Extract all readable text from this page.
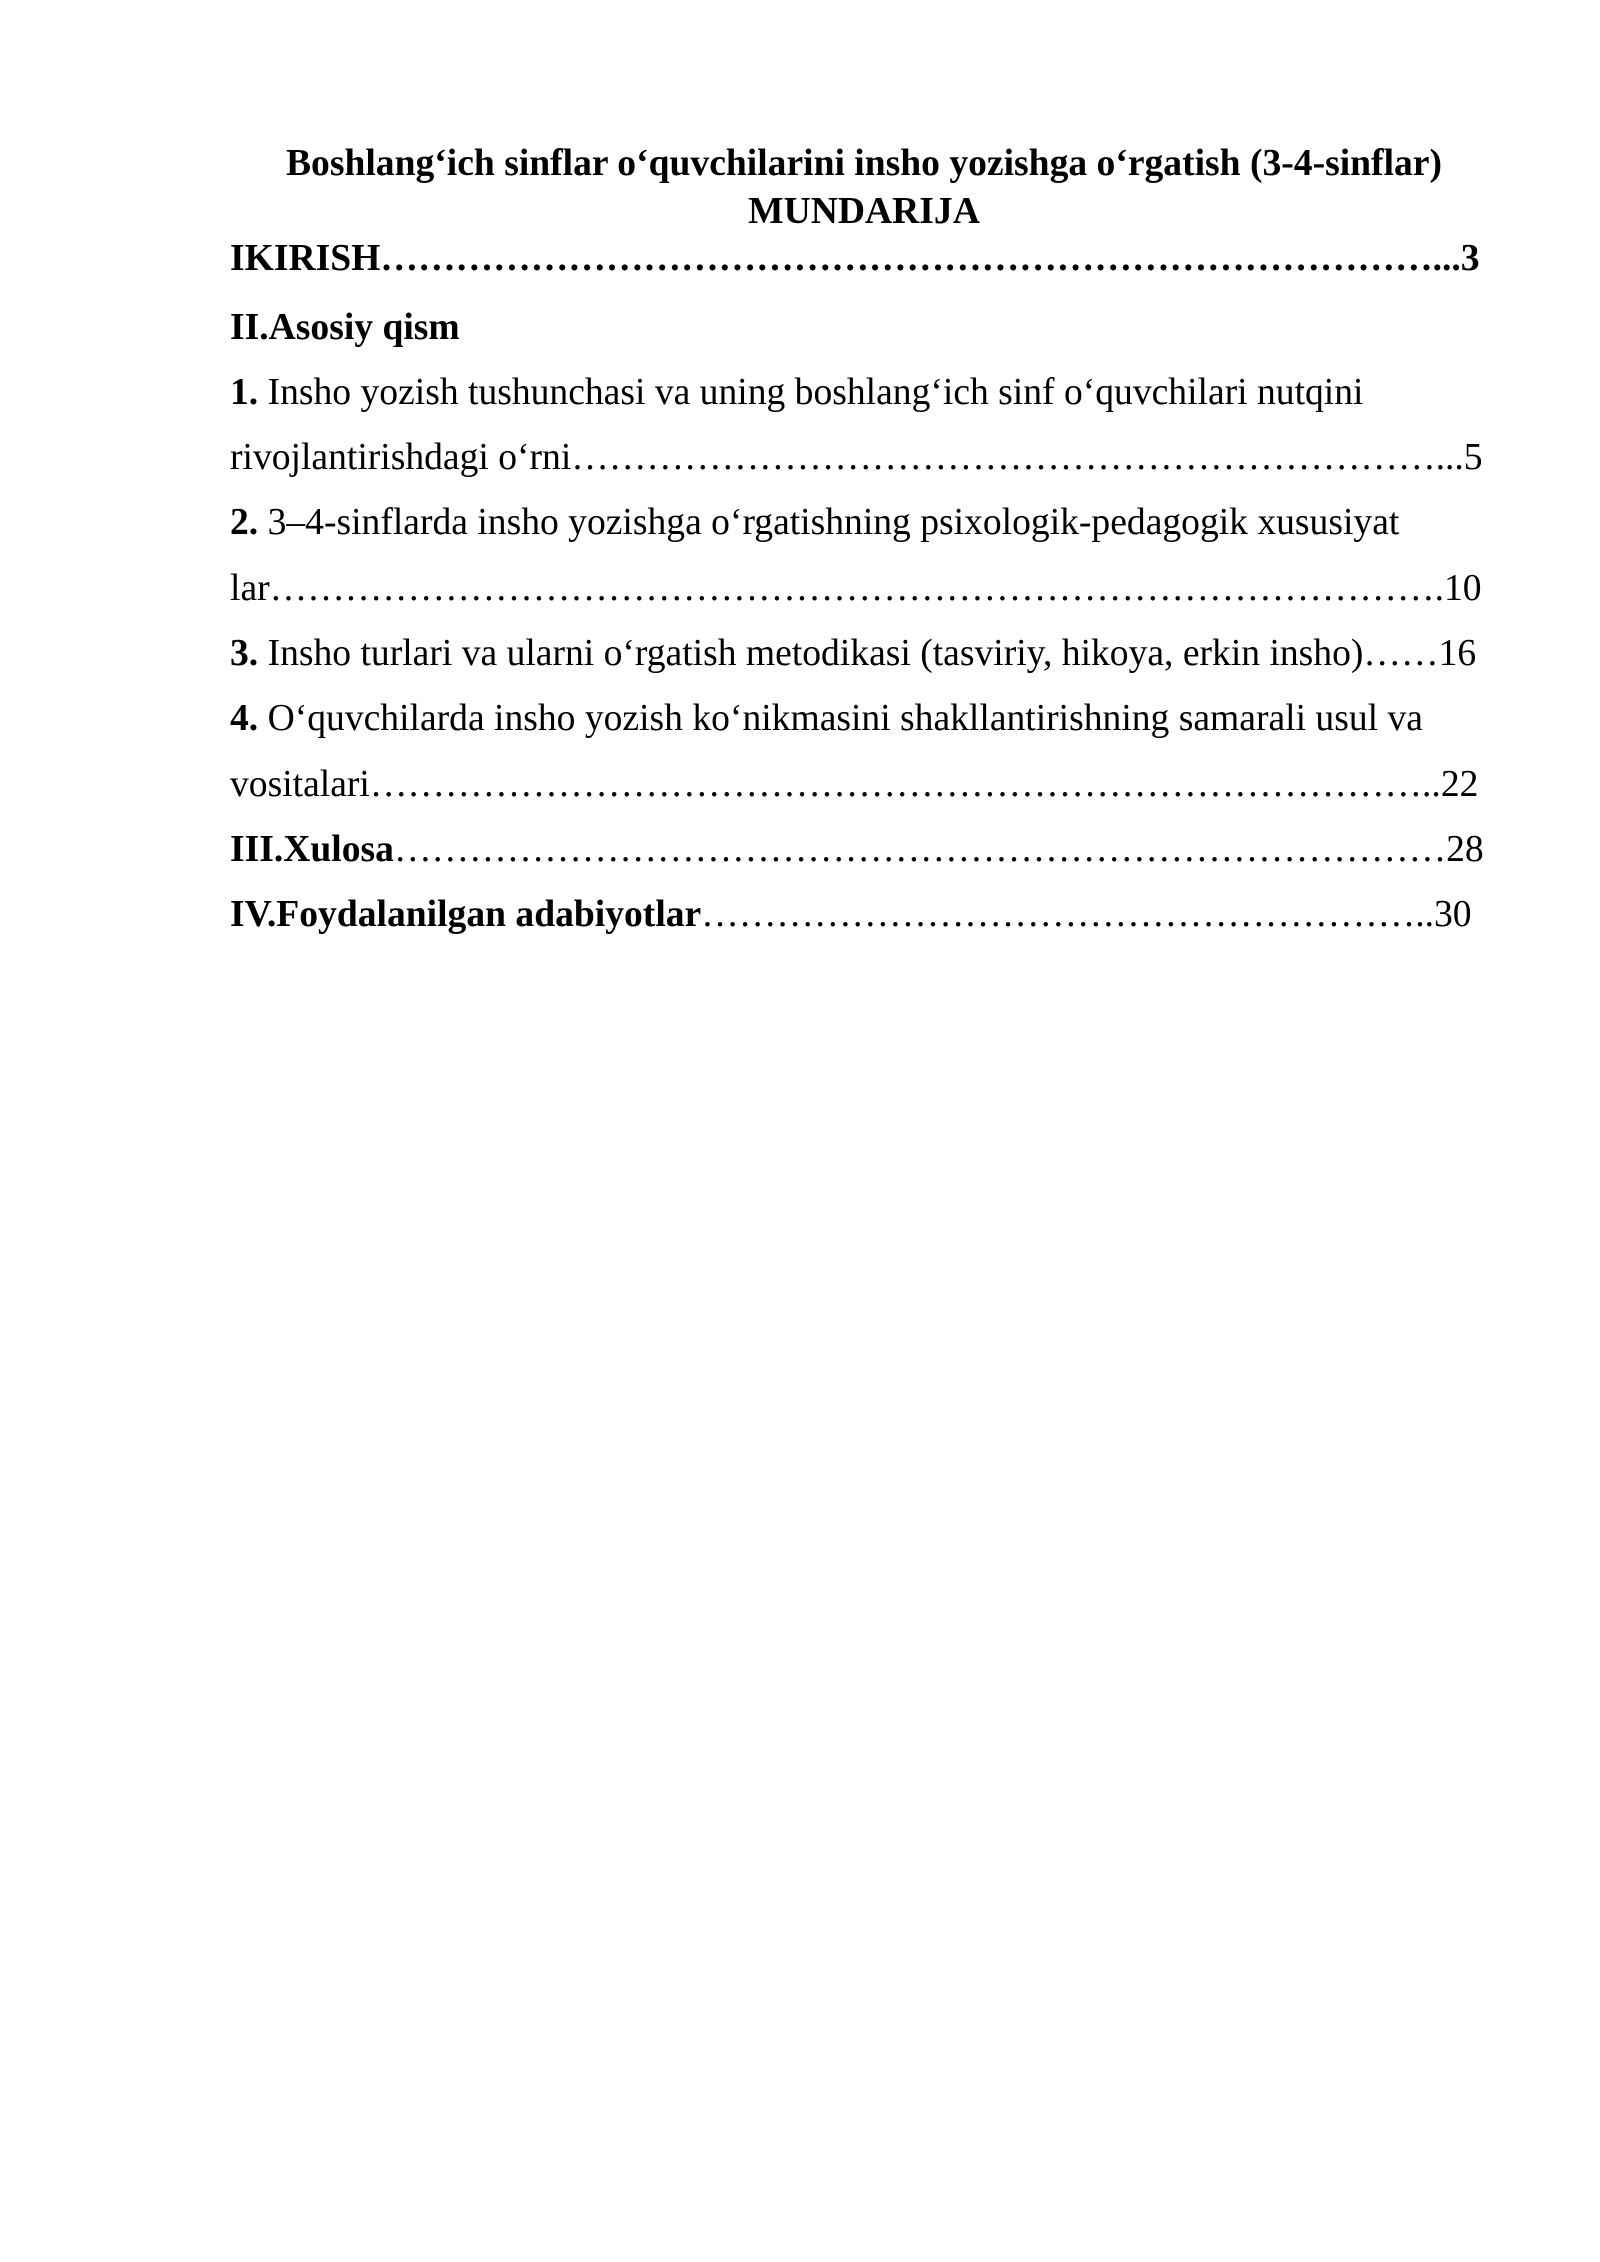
Boshlang‘ich sinflar o‘quvchilarini insho yozishga o‘rgatish (3-4-sinflar)
MUNDARIJA
IKIRISH…………………………………………………………………………...3
II.Asosiy qism
1. Insho yozish tushunchasi va uning boshlang‘ich sinf o‘quvchilari nutqini
rivojlantirishdagi o‘rni……………………………………………………………...5
2. 3–4-sinflarda insho yozishga o‘rgatishning psixologik-pedagogik xususiyat
lar………………………………………………………………………………….10
3. Insho turlari va ularni o‘rgatish metodikasi (tasviriy, hikoya, erkin insho)……16
4. O‘quvchilarda insho yozish ko‘nikmasini shakllantirishning samarali usul va
vositalari…………………………………………………………………………..22
III.Xulosa…………………………………………………………………………28
IV.Foydalanilgan adabiyotlar…………………………………………………..30
